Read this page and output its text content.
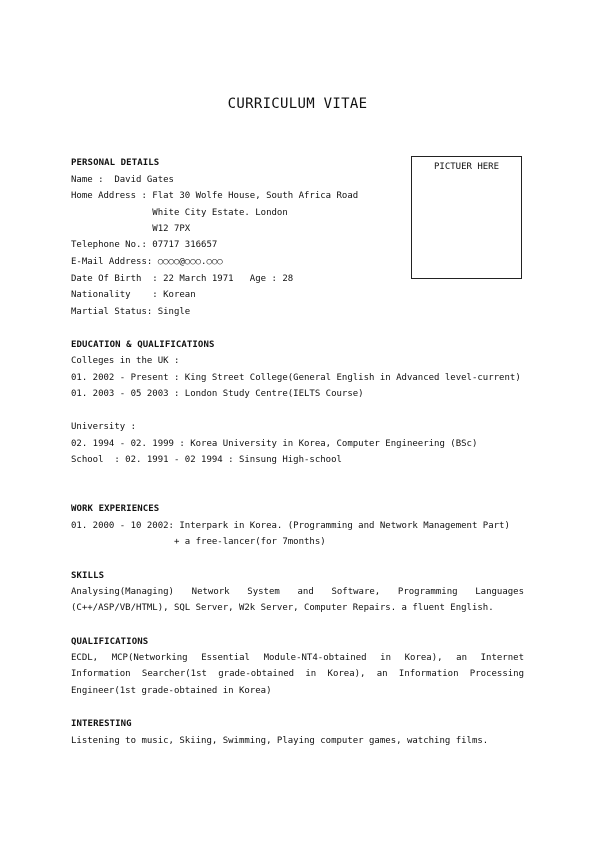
CURRICULUM VITAE
PICTUER HERE
PERSONAL DETAILS
Name :  David Gates
Home Address : Flat 30 Wolfe House, South Africa Road
White City Estate. London
W12 7PX
Telephone No.: 07717 316657
E-Mail Address: ○○○○@○○○.○○○
Date Of Birth  : 22 March 1971   Age : 28
Nationality    : Korean
Martial Status: Single
EDUCATION & QUALIFICATIONS
Colleges in the UK :
01. 2002 - Present : King Street College(General English in Advanced level-current)
01. 2003 - 05 2003 : London Study Centre(IELTS Course)
University :
02. 1994 - 02. 1999 : Korea University in Korea, Computer Engineering (BSc)
School  : 02. 1991 - 02 1994 : Sinsung High-school
WORK EXPERIENCES
01. 2000 - 10 2002: Interpark in Korea. (Programming and Network Management Part)
+ a free-lancer(for 7months)
SKILLS
Analysing(Managing) Network System and Software, Programming Languages
(C++/ASP/VB/HTML), SQL Server, W2k Server, Computer Repairs. a fluent English.
QUALIFICATIONS
ECDL, MCP(Networking Essential Module-NT4-obtained in Korea), an Internet
Information Searcher(1st grade-obtained in Korea), an Information Processing
Engineer(1st grade-obtained in Korea)
INTERESTING
Listening to music, Skiing, Swimming, Playing computer games, watching films.
